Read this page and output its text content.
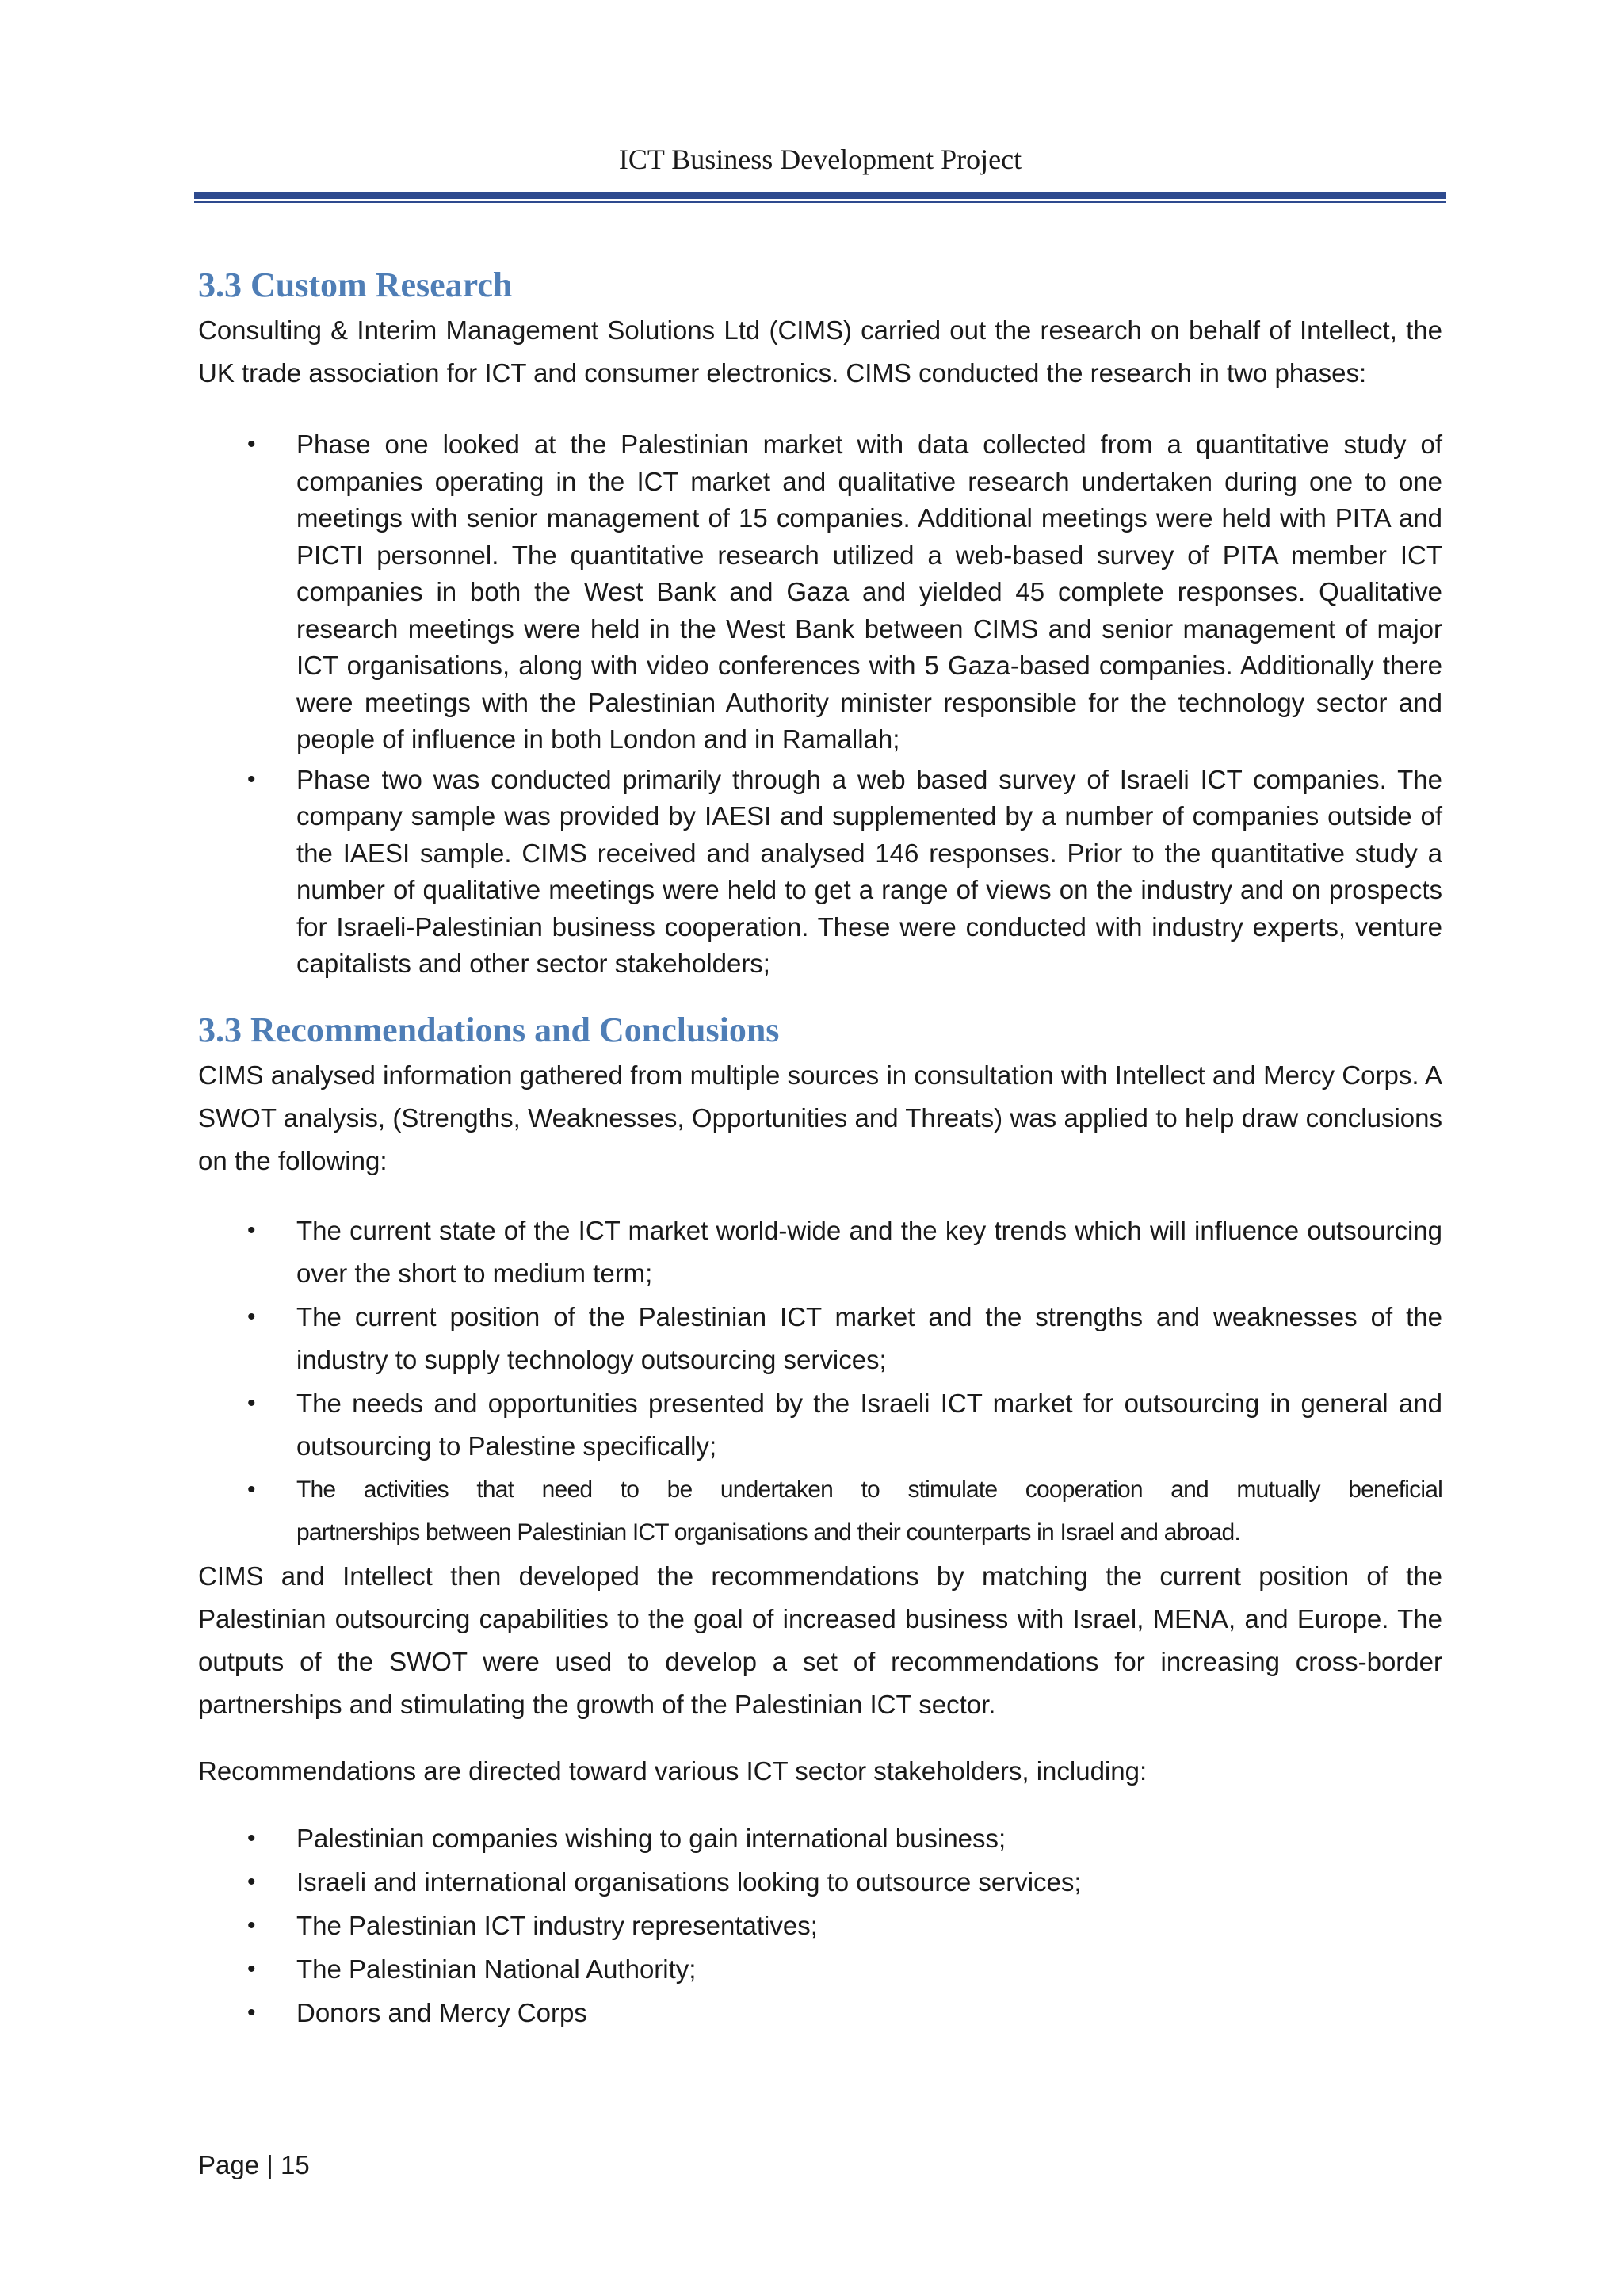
ICT Business Development Project
3.3 Custom Research

Consulting & Interim Management Solutions Ltd (CIMS) carried out the research on behalf of Intellect, the UK trade association for ICT and consumer electronics. CIMS conducted the research in two phases:

• Phase one looked at the Palestinian market with data collected from a quantitative study of companies operating in the ICT market and qualitative research undertaken during one to one meetings with senior management of 15 companies. Additional meetings were held with PITA and PICTI personnel. The quantitative research utilized a web-based survey of PITA member ICT companies in both the West Bank and Gaza and yielded 45 complete responses. Qualitative research meetings were held in the West Bank between CIMS and senior management of major ICT organisations, along with video conferences with 5 Gaza-based companies. Additionally there were meetings with the Palestinian Authority minister responsible for the technology sector and people of influence in both London and in Ramallah;
• Phase two was conducted primarily through a web based survey of Israeli ICT companies. The company sample was provided by IAESI and supplemented by a number of companies outside of the IAESI sample. CIMS received and analysed 146 responses. Prior to the quantitative study a number of qualitative meetings were held to get a range of views on the industry and on prospects for Israeli-Palestinian business cooperation. These were conducted with industry experts, venture capitalists and other sector stakeholders;
3.3 Recommendations and Conclusions

CIMS analysed information gathered from multiple sources in consultation with Intellect and Mercy Corps. A SWOT analysis, (Strengths, Weaknesses, Opportunities and Threats) was applied to help draw conclusions on the following:

• The current state of the ICT market world-wide and the key trends which will influence outsourcing over the short to medium term;
• The current position of the Palestinian ICT market and the strengths and weaknesses of the industry to supply technology outsourcing services;
• The needs and opportunities presented by the Israeli ICT market for outsourcing in general and outsourcing to Palestine specifically;
• The activities that need to be undertaken to stimulate cooperation and mutually beneficial
partnerships between Palestinian ICT organisations and their counterparts in Israel and abroad.

CIMS and Intellect then developed the recommendations by matching the current position of the Palestinian outsourcing capabilities to the goal of increased business with Israel, MENA, and Europe. The outputs of the SWOT were used to develop a set of recommendations for increasing cross-border partnerships and stimulating the growth of the Palestinian ICT sector.

Recommendations are directed toward various ICT sector stakeholders, including:

• Palestinian companies wishing to gain international business;
• Israeli and international organisations looking to outsource services;
• The Palestinian ICT industry representatives;
• The Palestinian National Authority;
• Donors and Mercy Corps
Page | 15
